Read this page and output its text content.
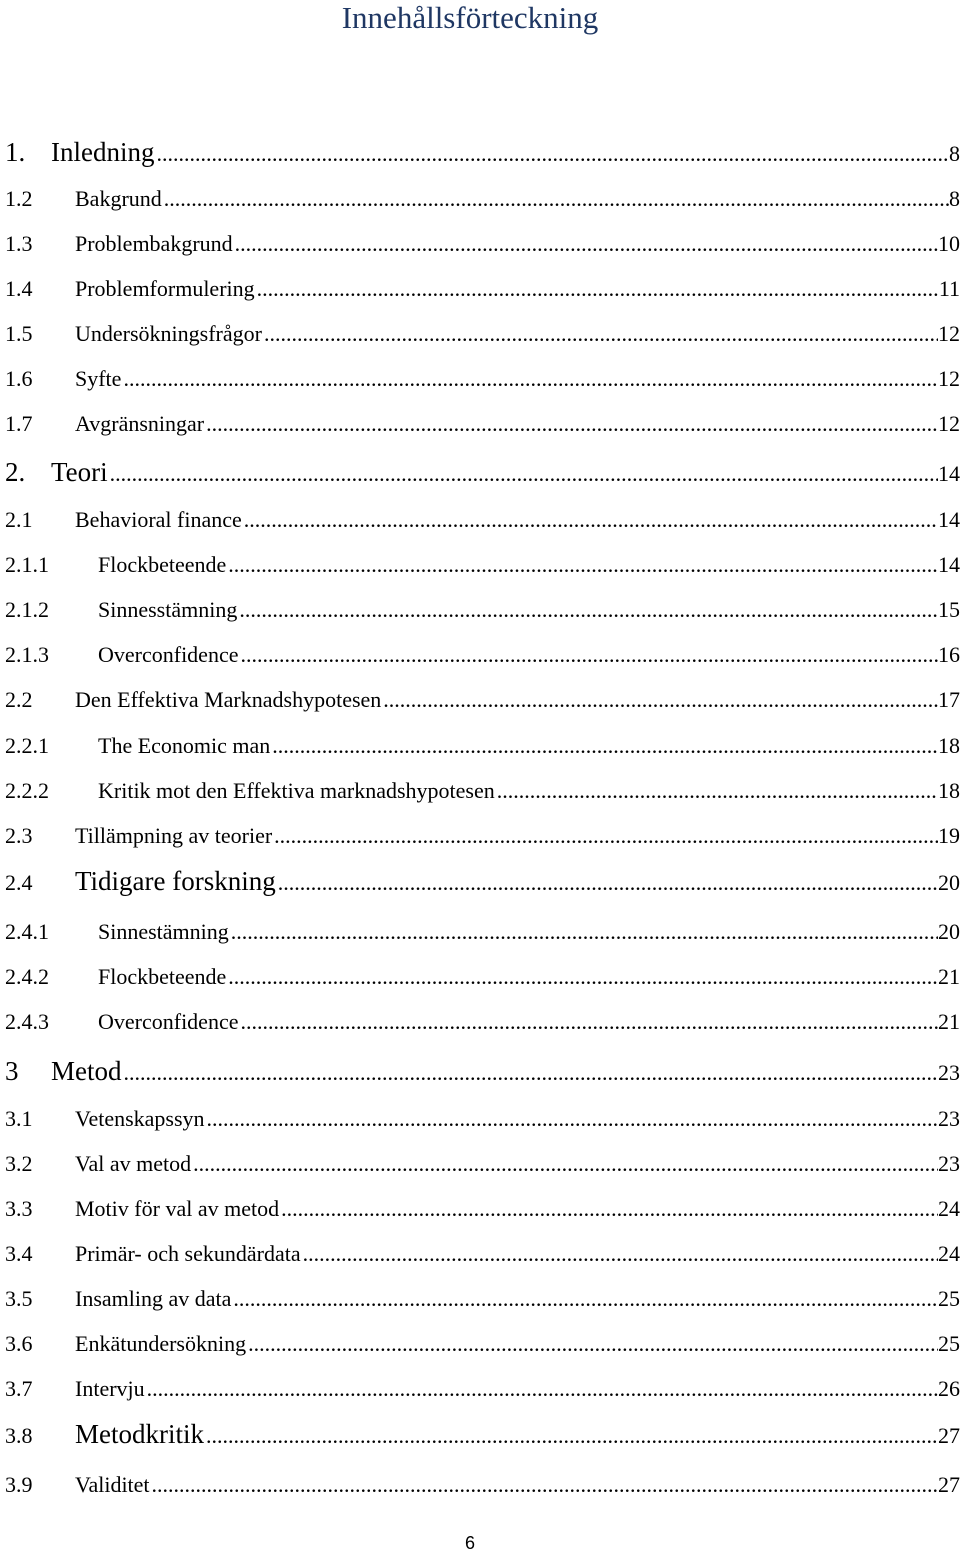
Innehållsförteckning
1. Inledning .....	8
1.2	Bakgrund .....	8
1.3	Problembakgrund .....	10
1.4	Problemformulering .....	11
1.5	Undersökningsfrågor .....	12
1.6	Syfte .....	12
1.7	Avgränsningar .....	12
2. Teori .....	14
2.1	Behavioral finance .....	14
2.1.1	Flockbeteende .....	14
2.1.2	Sinnesstämning .....	15
2.1.3	Overconfidence .....	16
2.2	Den Effektiva Marknadshypotesen .....	17
2.2.1	The Economic man .....	18
2.2.2	Kritik mot den Effektiva marknadshypotesen .....	18
2.3	Tillämpning av teorier .....	19
2.4	Tidigare forskning .....	20
2.4.1	Sinnestämning .....	20
2.4.2	Flockbeteende .....	21
2.4.3	Overconfidence .....	21
3	Metod .....	23
3.1	Vetenskapssyn .....	23
3.2	Val av metod .....	23
3.3	Motiv för val av metod .....	24
3.4	Primär- och sekundärdata .....	24
3.5	Insamling av data .....	25
3.6	Enkätundersökning .....	25
3.7	Intervju .....	26
3.8	Metodkritik .....	27
3.9	Validitet .....	27
6
